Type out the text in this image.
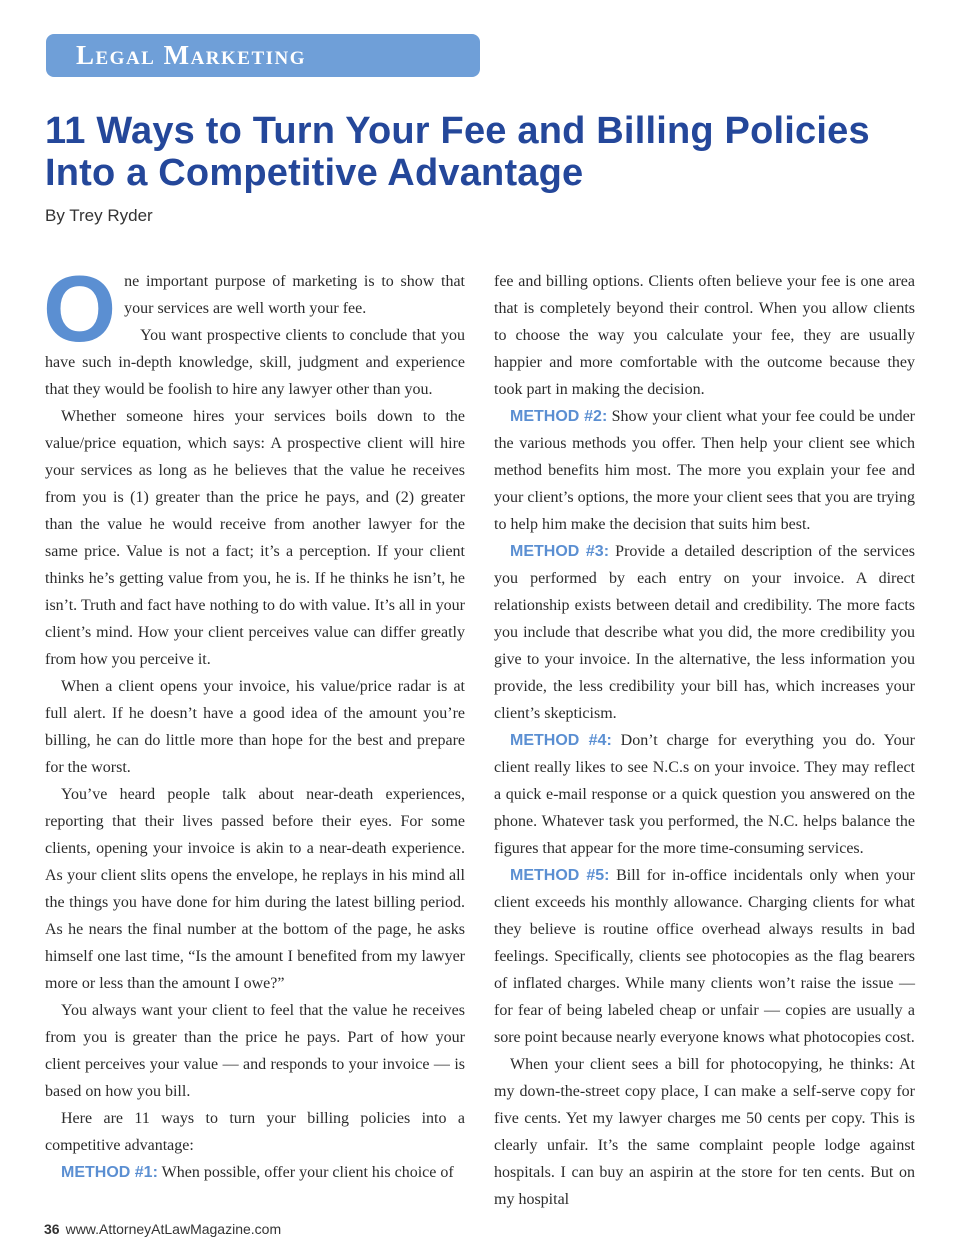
Legal Marketing
11 Ways to Turn Your Fee and Billing Policies Into a Competitive Advantage
By Trey Ryder

One important purpose of marketing is to show that your services are well worth your fee.

You want prospective clients to conclude that you have such in-depth knowledge, skill, judgment and experience that they would be foolish to hire any lawyer other than you.

Whether someone hires your services boils down to the value/price equation, which says: A prospective client will hire your services as long as he believes that the value he receives from you is (1) greater than the price he pays, and (2) greater than the value he would receive from another lawyer for the same price. Value is not a fact; it’s a perception. If your client thinks he’s getting value from you, he is. If he thinks he isn’t, he isn’t. Truth and fact have nothing to do with value. It’s all in your client’s mind. How your client perceives value can differ greatly from how you perceive it.

When a client opens your invoice, his value/price radar is at full alert. If he doesn’t have a good idea of the amount you’re billing, he can do little more than hope for the best and prepare for the worst.

You’ve heard people talk about near-death experiences, reporting that their lives passed before their eyes. For some clients, opening your invoice is akin to a near-death experience. As your client slits opens the envelope, he replays in his mind all the things you have done for him during the latest billing period. As he nears the final number at the bottom of the page, he asks himself one last time, “Is the amount I benefited from my lawyer more or less than the amount I owe?”

You always want your client to feel that the value he receives from you is greater than the price he pays. Part of how your client perceives your value — and responds to your invoice — is based on how you bill.

Here are 11 ways to turn your billing policies into a competitive advantage:

METHOD #1: When possible, offer your client his choice of

fee and billing options. Clients often believe your fee is one area that is completely beyond their control. When you allow clients to choose the way you calculate your fee, they are usually happier and more comfortable with the outcome because they took part in making the decision.

METHOD #2: Show your client what your fee could be under the various methods you offer. Then help your client see which method benefits him most. The more you explain your fee and your client’s options, the more your client sees that you are trying to help him make the decision that suits him best.

METHOD #3: Provide a detailed description of the services you performed by each entry on your invoice. A direct relationship exists between detail and credibility. The more facts you include that describe what you did, the more credibility you give to your invoice. In the alternative, the less information you provide, the less credibility your bill has, which increases your client’s skepticism.

METHOD #4: Don’t charge for everything you do. Your client really likes to see N.C.s on your invoice. They may reflect a quick e-mail response or a quick question you answered on the phone. Whatever task you performed, the N.C. helps balance the figures that appear for the more time-consuming services.

METHOD #5: Bill for in-office incidentals only when your client exceeds his monthly allowance. Charging clients for what they believe is routine office overhead always results in bad feelings. Specifically, clients see photocopies as the flag bearers of inflated charges. While many clients won’t raise the issue — for fear of being labeled cheap or unfair — copies are usually a sore point because nearly everyone knows what photocopies cost.

When your client sees a bill for photocopying, he thinks: At my down-the-street copy place, I can make a self-serve copy for five cents. Yet my lawyer charges me 50 cents per copy. This is clearly unfair. It’s the same complaint people lodge against hospitals. I can buy an aspirin at the store for ten cents. But on my hospital

36 www.AttorneyAtLawMagazine.com
